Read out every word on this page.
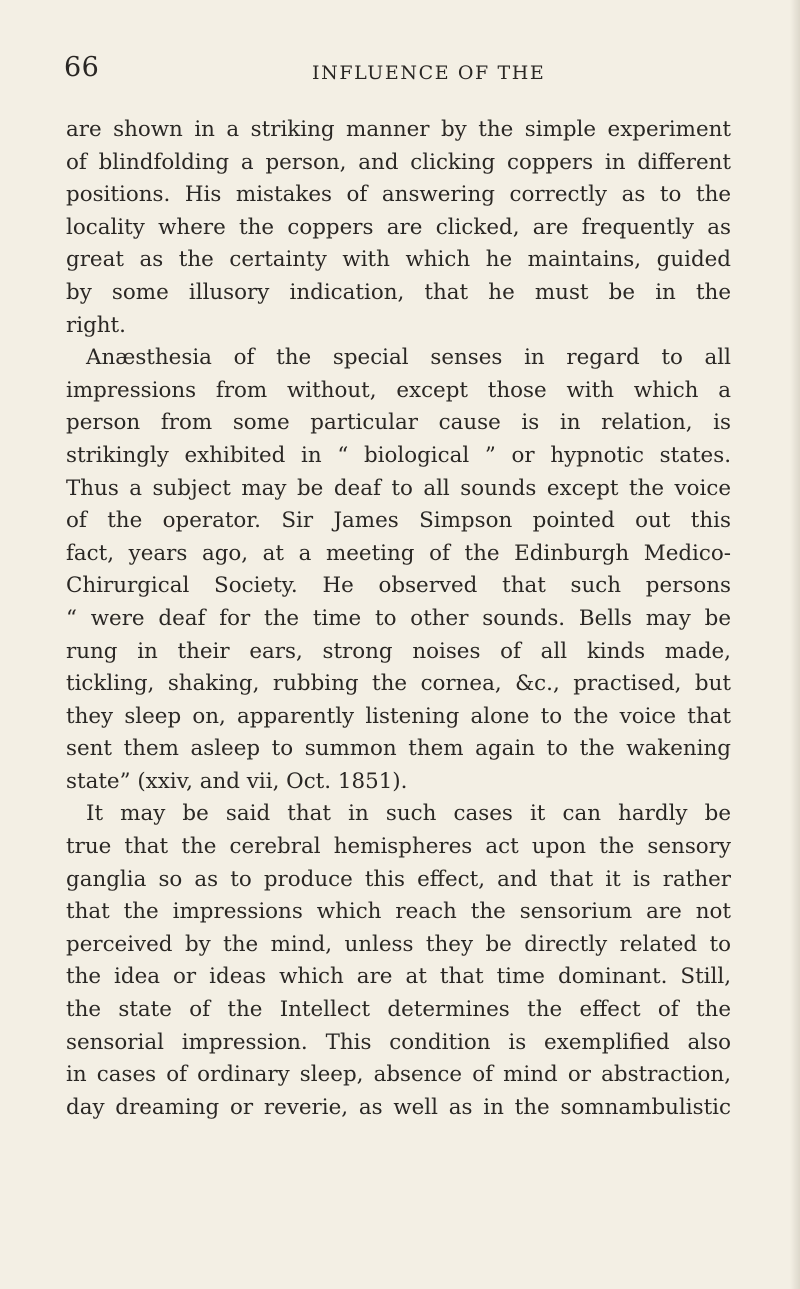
66	INFLUENCE OF THE
are shown in a striking manner by the simple experiment
of blindfolding a person, and clicking coppers in different
positions. His mistakes of answering correctly as to the
locality where the coppers are clicked, are frequently as
great as the certainty with which he maintains, guided
by some illusory indication, that he must be in the
right.
Anæsthesia of the special senses in regard to all
impressions from without, except those with which a
person from some particular cause is in relation, is
strikingly exhibited in “ biological ” or hypnotic states.
Thus a subject may be deaf to all sounds except the voice
of the operator. Sir James Simpson pointed out this
fact, years ago, at a meeting of the Edinburgh Medico-
Chirurgical Society. He observed that such persons
“ were deaf for the time to other sounds. Bells may be
rung in their ears, strong noises of all kinds made,
tickling, shaking, rubbing the cornea, &c., practised, but
they sleep on, apparently listening alone to the voice that
sent them asleep to summon them again to the wakening
state” (xxiv, and vii, Oct. 1851).
It may be said that in such cases it can hardly be
true that the cerebral hemispheres act upon the sensory
ganglia so as to produce this effect, and that it is rather
that the impressions which reach the sensorium are not
perceived by the mind, unless they be directly related to
the idea or ideas which are at that time dominant. Still,
the state of the Intellect determines the effect of the
sensorial impression. This condition is exemplified also
in cases of ordinary sleep, absence of mind or abstraction,
day dreaming or reverie, as well as in the somnambulistic
